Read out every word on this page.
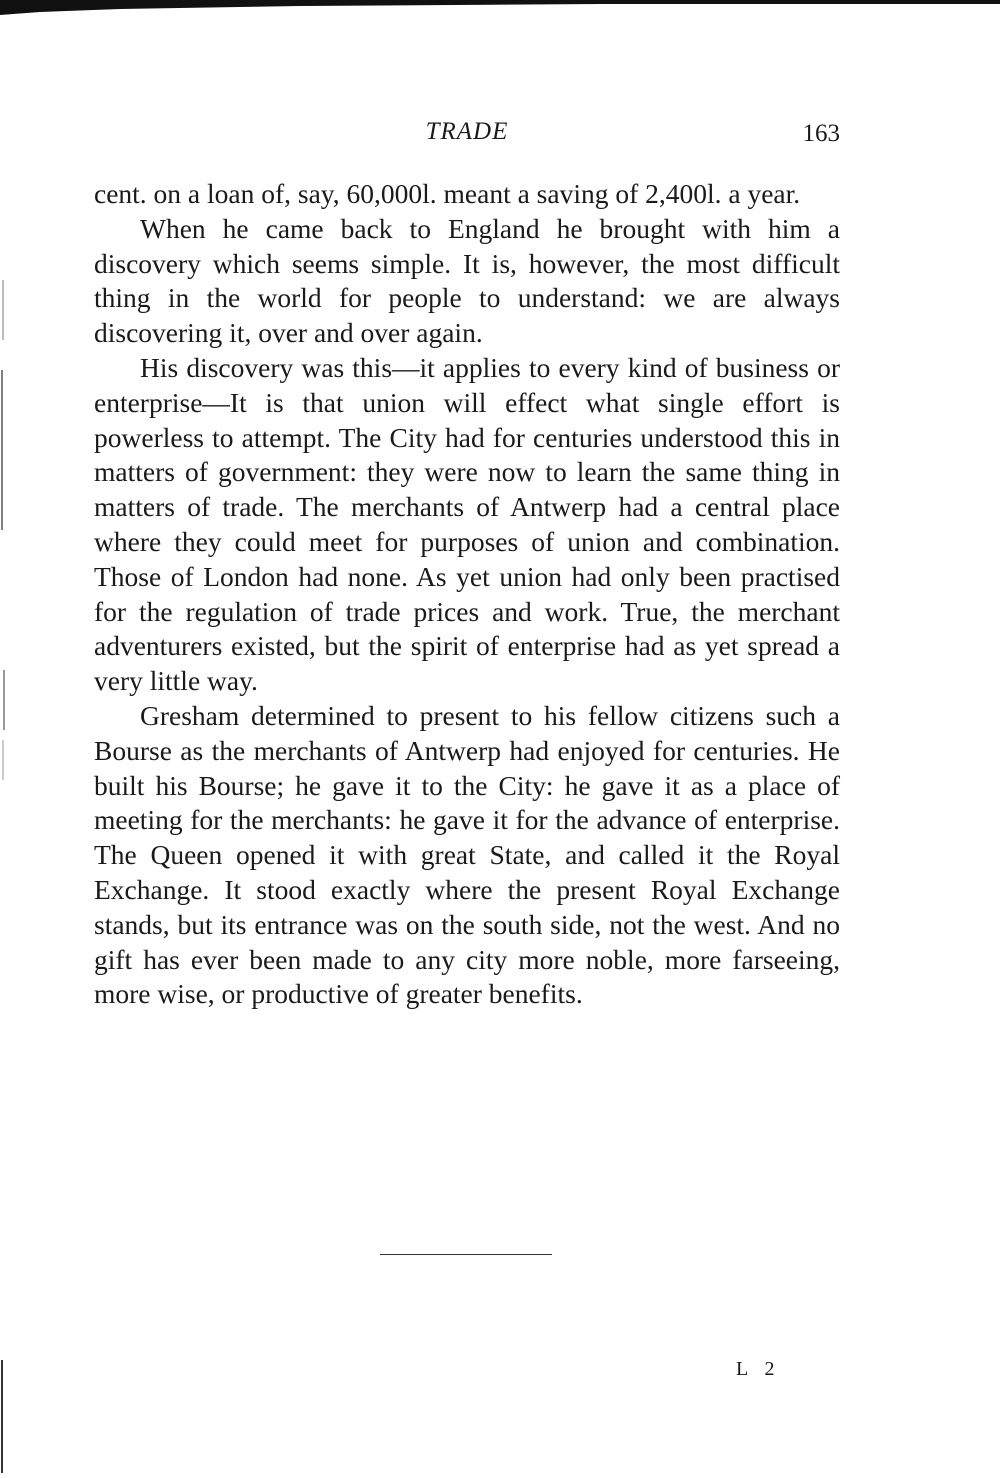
TRADE	163

cent. on a loan of, say, 60,000l. meant a saving of 2,400l. a year.

When he came back to England he brought with him a discovery which seems simple. It is, however, the most difficult thing in the world for people to understand: we are always discovering it, over and over again.

His discovery was this—it applies to every kind of business or enterprise—It is that union will effect what single effort is powerless to attempt. The City had for centuries understood this in matters of government: they were now to learn the same thing in matters of trade. The merchants of Antwerp had a central place where they could meet for purposes of union and combination. Those of London had none. As yet union had only been practised for the regulation of trade prices and work. True, the merchant adventurers existed, but the spirit of enterprise had as yet spread a very little way.

Gresham determined to present to his fellow citizens such a Bourse as the merchants of Antwerp had enjoyed for centuries. He built his Bourse; he gave it to the City: he gave it as a place of meeting for the merchants: he gave it for the advance of enterprise. The Queen opened it with great State, and called it the Royal Exchange. It stood exactly where the present Royal Exchange stands, but its entrance was on the south side, not the west. And no gift has ever been made to any city more noble, more farseeing, more wise, or productive of greater benefits.

L 2
